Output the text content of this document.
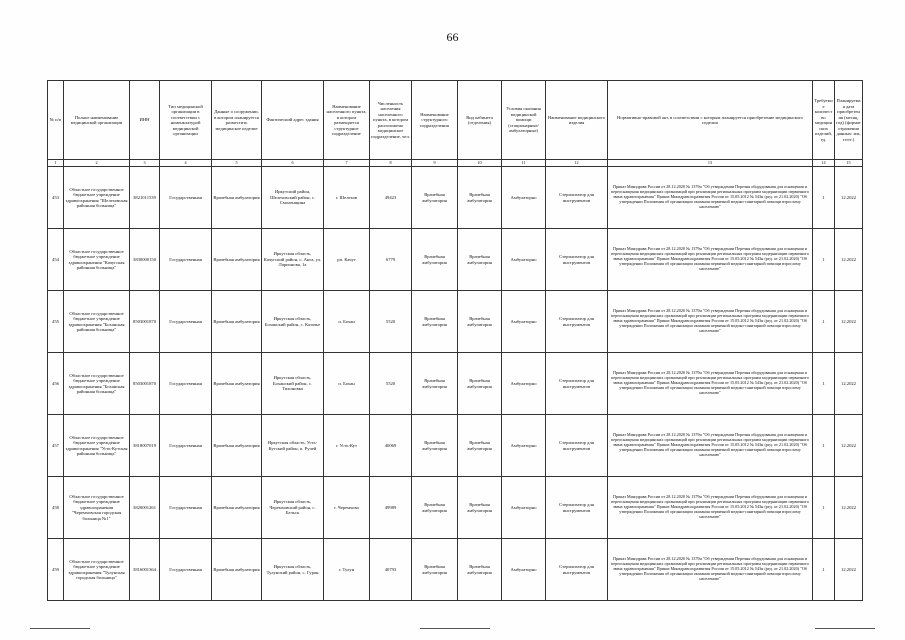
66
№ п/п	Полное наименование медицинской организации	ИНН	Тип медицинской организации в соответствии с номенклатурой медицинской организации	Данные о сооружении, в котором планируется разместить медицинское изделие	Фактический адрес здания	Наименование населенного пункта, в котором размещается структурное подразделение	Численность населения населенного пункта, в котором расположено медицинское подразделение, чел.	Наименование структурного подразделения	Вид кабинета (отделения)	Условия оказания медицинской помощи (стационарные/амбулаторные)	Наименование медицинского изделия	Нормативно-правовой акт, в соответствии с которым планируется приобретение медицинского изделия	Требуемое количество медицинских изделий, ед.	Планируемая дата приобретения (месяц, год) (формат отражения данных: мм, ггггг.)
1	2	3	4	5	6	7	8	9	10	11	12	13	14	15
453	Областное государственное бюджетное учреждение здравоохранения "Шелеховская районная больница"	3821011539	Государственная	Врачебная амбулатория	Иркутский район, Шелеховский район, с. Смоленщина	г. Шелехов	49423	Врачебная амбулатория	Врачебная амбулатория	Амбулаторно	Стерилизатор для инструментов	Приказ Минздрава России от 28.12.2020 № 1379н "Об утверждении Перечня оборудования для оснащения и переоснащения медицинских организаций при реализации региональных программ модернизации первичного звена здравоохранения" Приказ Минздравсоцразвития России от 15.05.2012 № 543н (ред. от 21.02.2020) "Об утверждении Положения об организации оказания первичной медико-санитарной помощи взрослому населению"	1	12.2022
454	Областное государственное бюджетное учреждение здравоохранения "Качугская районная больница"	3830000150	Государственная	Врачебная амбулатория	Иркутская область, Качугский район, с. Анга, ул. Ларионова, 1а	рп. Качуг	6779	Врачебная амбулатория	Врачебная амбулатория	Амбулаторно	Стерилизатор для инструментов	Приказ Минздрава России от 28.12.2020 № 1379н "Об утверждении Перечня оборудования для оснащения и переоснащения медицинских организаций при реализации региональных программ модернизации первичного звена здравоохранения" Приказ Минздравсоцразвития России от 15.05.2012 № 543н (ред. от 21.02.2020) "Об утверждении Положения об организации оказания первичной медико-санитарной помощи взрослому населению"	1	12.2022
455	Областное государственное бюджетное учреждение здравоохранения "Боханская районная больница"	8503001870	Государственная	Врачебная амбулатория	Иркутская область, Боханский район, с. Казачье	п. Бохан	5520	Врачебная амбулатория	Врачебная амбулатория	Амбулаторно	Стерилизатор для инструментов	Приказ Минздрава России от 28.12.2020 № 1379н "Об утверждении Перечня оборудования для оснащения и переоснащения медицинских организаций при реализации региональных программ модернизации первичного звена здравоохранения" Приказ Минздравсоцразвития России от 15.05.2012 № 543н (ред. от 21.02.2020) "Об утверждении Положения об организации оказания первичной медико-санитарной помощи взрослому населению"	1	12.2022
456	Областное государственное бюджетное учреждение здравоохранения "Боханская районная больница"	8503001870	Государственная	Врачебная амбулатория	Иркутская область, Боханский район, с. Тихоновка	п. Бохан	5520	Врачебная амбулатория	Врачебная амбулатория	Амбулаторно	Стерилизатор для инструментов	Приказ Минздрава России от 28.12.2020 № 1379н "Об утверждении Перечня оборудования для оснащения и переоснащения медицинских организаций при реализации региональных программ модернизации первичного звена здравоохранения" Приказ Минздравсоцразвития России от 15.05.2012 № 543н (ред. от 21.02.2020) "Об утверждении Положения об организации оказания первичной медико-санитарной помощи взрослому населению"	1	12.2022
457	Областное государственное бюджетное учреждение здравоохранения "Усть-Кутская районная больница"	3818007019	Государственная	Врачебная амбулатория	Иркутская область, Усть-Кутский район, п. Ручей	г. Усть-Кут	40069	Врачебная амбулатория	Врачебная амбулатория	Амбулаторно	Стерилизатор для инструментов	Приказ Минздрава России от 28.12.2020 № 1379н "Об утверждении Перечня оборудования для оснащения и переоснащения медицинских организаций при реализации региональных программ модернизации первичного звена здравоохранения" Приказ Минздравсоцразвития России от 15.05.2012 № 543н (ред. от 21.02.2020) "Об утверждении Положения об организации оказания первичной медико-санитарной помощи взрослому населению"	1	12.2022
458	Областное государственное бюджетное учреждение здравоохранения "Черемховская городская больница №1"	3820001261	Государственная	Врачебная амбулатория	Иркутская область, Черемховский район, с. Бельск	г. Черемхово	49989	Врачебная амбулатория	Врачебная амбулатория	Амбулаторно	Стерилизатор для инструментов	Приказ Минздрава России от 28.12.2020 № 1379н "Об утверждении Перечня оборудования для оснащения и переоснащения медицинских организаций при реализации региональных программ модернизации первичного звена здравоохранения" Приказ Минздравсоцразвития России от 15.05.2012 № 543н (ред. от 21.02.2020) "Об утверждении Положения об организации оказания первичной медико-санитарной помощи взрослому населению"	1	12.2022
459	Областное государственное бюджетное учреждение здравоохранения "Тулунская городская больница"	3816001364	Государственная	Врачебная амбулатория	Иркутская область, Тулунский район, с. Гуран	г. Тулун	40793	Врачебная амбулатория	Врачебная амбулатория	Амбулаторно	Стерилизатор для инструментов	Приказ Минздрава России от 28.12.2020 № 1379н "Об утверждении Перечня оборудования для оснащения и переоснащения медицинских организаций при реализации региональных программ модернизации первичного звена здравоохранения" Приказ Минздравсоцразвития России от 15.05.2012 № 543н (ред. от 21.02.2020) "Об утверждении Положения об организации оказания первичной медико-санитарной помощи взрослому населению"	1	12.2022
